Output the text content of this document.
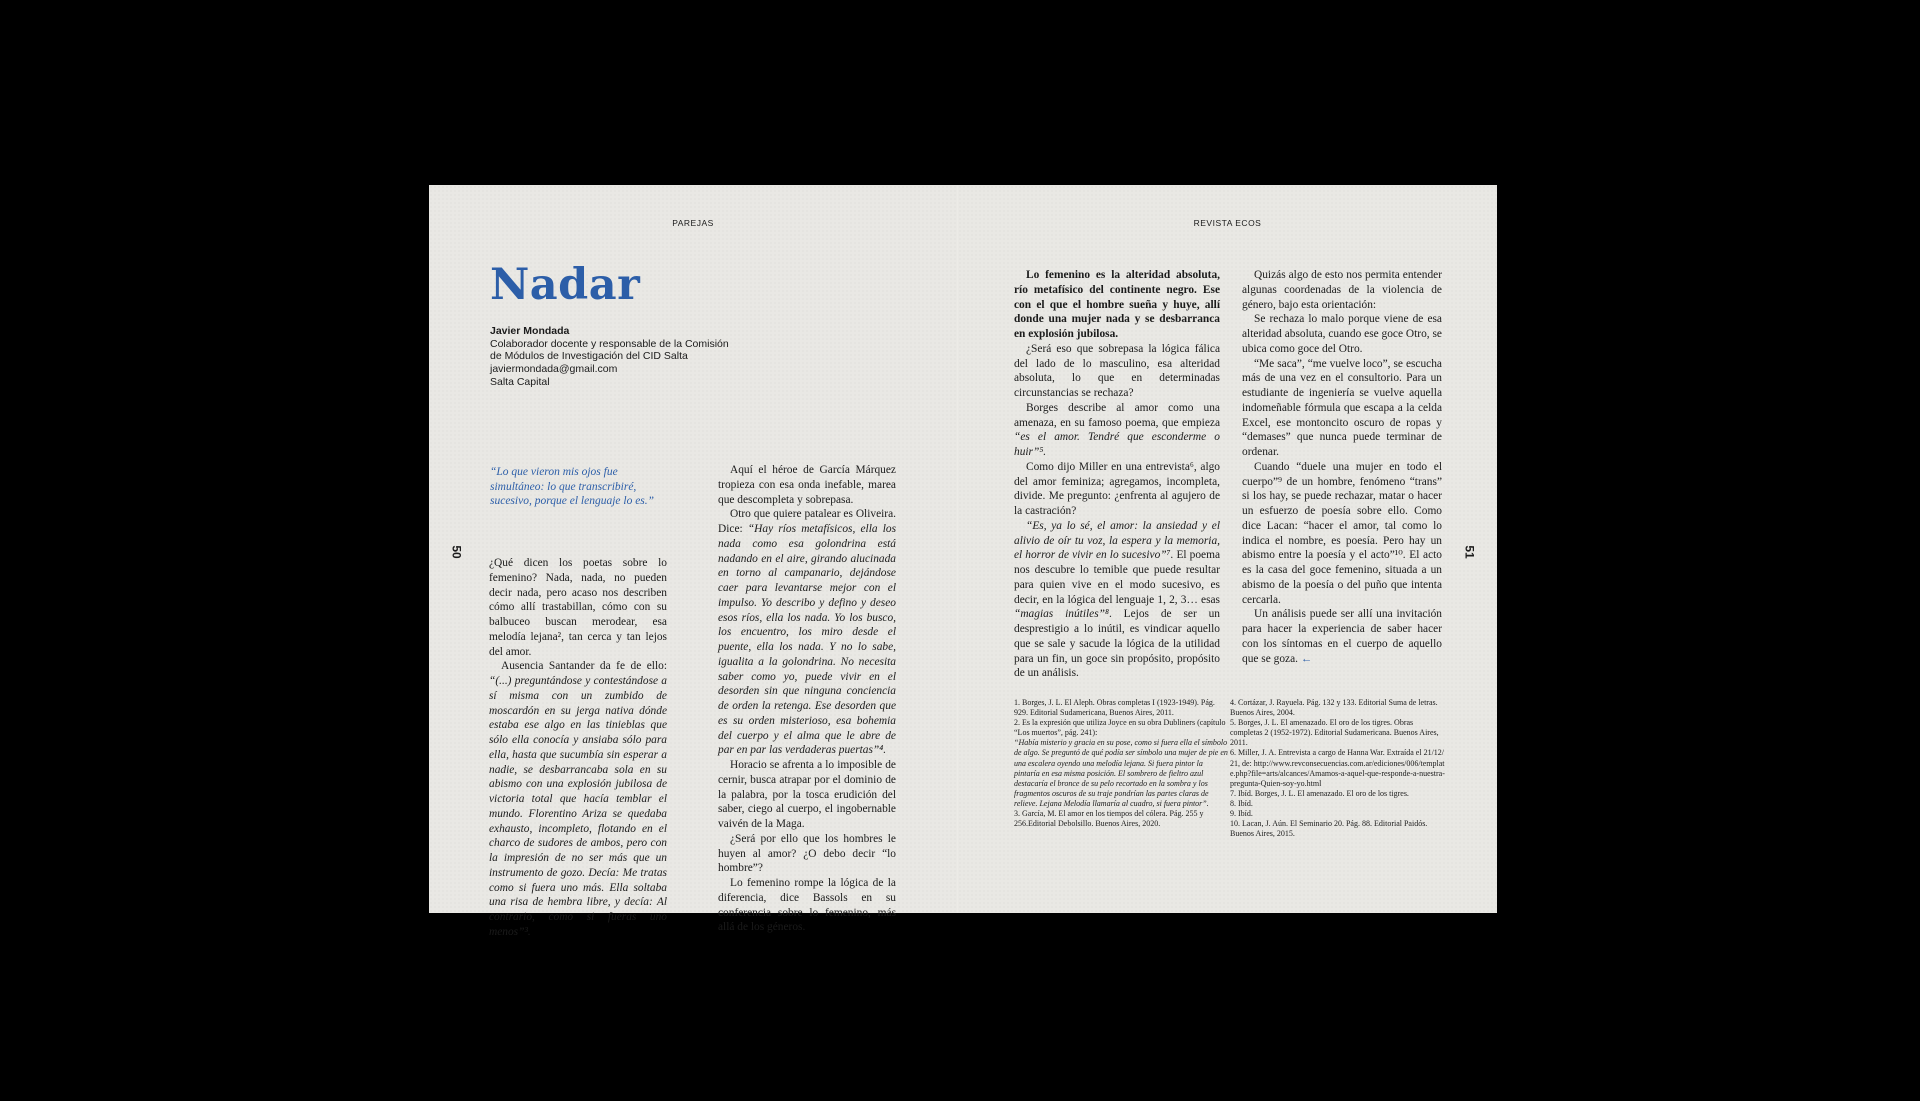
PAREJAS
50
Nadar
Javier Mondada
Colaborador docente y responsable de la Comisión
de Módulos de Investigación del CID Salta
javiermondada@gmail.com
Salta Capital
“Lo que vieron mis ojos fue simultáneo: lo que transcribiré, sucesivo, porque el lenguaje lo es.”

¿Qué dicen los poetas sobre lo femenino? Nada, nada, no pueden decir nada, pero acaso nos describen cómo allí trastabillan, cómo con su balbuceo buscan merodear, esa melodía lejana², tan cerca y tan lejos del amor.

Ausencia Santander da fe de ello: “(...) preguntándose y contestándose a sí misma con un zumbido de moscardón en su jerga nativa dónde estaba ese algo en las tinieblas que sólo ella conocía y ansiaba sólo para ella, hasta que sucumbía sin esperar a nadie, se desbarrancaba sola en su abismo con una explosión jubilosa de victoria total que hacía temblar el mundo. Florentino Ariza se quedaba exhausto, incompleto, flotando en el charco de sudores de ambos, pero con la impresión de no ser más que un instrumento de gozo. Decía: Me tratas como si fuera uno más. Ella soltaba una risa de hembra libre, y decía: Al contrario, como si fueras uno menos”³.

Aquí el héroe de García Márquez tropieza con esa onda inefable, marea que descompleta y sobrepasa.

Otro que quiere patalear es Oliveira. Dice: “Hay ríos metafísicos, ella los nada como esa golondrina está nadando en el aire, girando alucinada en torno al campanario, dejándose caer para levantarse mejor con el impulso. Yo describo y defino y deseo esos ríos, ella los nada. Yo los busco, los encuentro, los miro desde el puente, ella los nada. Y no lo sabe, igualita a la golondrina. No necesita saber como yo, puede vivir en el desorden sin que ninguna conciencia de orden la retenga. Ese desorden que es su orden misterioso, esa bohemia del cuerpo y el alma que le abre de par en par las verdaderas puertas”⁴.

Horacio se afrenta a lo imposible de cernir, busca atrapar por el dominio de la palabra, por la tosca erudición del saber, ciego al cuerpo, el ingobernable vaivén de la Maga.

¿Será por ello que los hombres le huyen al amor? ¿O debo decir “lo hombre”?

Lo femenino rompe la lógica de la diferencia, dice Bassols en su conferencia sobre lo femenino, más allá de los géneros.

REVISTA ECOS
51

Lo femenino es la alteridad absoluta, río metafísico del continente negro. Ese con el que el hombre sueña y huye, allí donde una mujer nada y se desbarranca en explosión jubilosa.

¿Será eso que sobrepasa la lógica fálica del lado de lo masculino, esa alteridad absoluta, lo que en determinadas circunstancias se rechaza?

Borges describe al amor como una amenaza, en su famoso poema, que empieza “es el amor. Tendré que esconderme o huir”⁵.

Como dijo Miller en una entrevista⁶, algo del amor feminiza; agregamos, incompleta, divide. Me pregunto: ¿enfrenta al agujero de la castración?

“Es, ya lo sé, el amor: la ansiedad y el alivio de oír tu voz, la espera y la memoria, el horror de vivir en lo sucesivo”⁷. El poema nos descubre lo temible que puede resultar para quien vive en el modo sucesivo, es decir, en la lógica del lenguaje 1, 2, 3… esas “magias inútiles”⁸. Lejos de ser un desprestigio a lo inútil, es vindicar aquello que se sale y sacude la lógica de la utilidad para un fin, un goce sin propósito, propósito de un análisis.

Quizás algo de esto nos permita entender algunas coordenadas de la violencia de género, bajo esta orientación:

Se rechaza lo malo porque viene de esa alteridad absoluta, cuando ese goce Otro, se ubica como goce del Otro.

“Me saca”, “me vuelve loco”, se escucha más de una vez en el consultorio. Para un estudiante de ingeniería se vuelve aquella indomeñable fórmula que escapa a la celda Excel, ese montoncito oscuro de ropas y “demases” que nunca puede terminar de ordenar.

Cuando “duele una mujer en todo el cuerpo”⁹ de un hombre, fenómeno “trans” si los hay, se puede rechazar, matar o hacer un esfuerzo de poesía sobre ello. Como dice Lacan: “hacer el amor, tal como lo indica el nombre, es poesía. Pero hay un abismo entre la poesía y el acto”¹⁰. El acto es la casa del goce femenino, situada a un abismo de la poesía o del puño que intenta cercarla.

Un análisis puede ser allí una invitación para hacer la experiencia de saber hacer con los síntomas en el cuerpo de aquello que se goza. ←

1. Borges, J. L. El Aleph. Obras completas I (1923-1949). Pág. 929. Editorial Sudamericana, Buenos Aires, 2011.
2. Es la expresión que utiliza Joyce en su obra Dubliners (capítulo “Los muertos”, pág. 241):
“Había misterio y gracia en su pose, como si fuera ella el símbolo de algo. Se preguntó de qué podía ser símbolo una mujer de pie en una escalera oyendo una melodía lejana. Si fuera pintor la pintaría en esa misma posición. El sombrero de fieltro azul destacaría el bronce de su pelo recortado en la sombra y los fragmentos oscuros de su traje pondrían las partes claras de relieve. Lejana Melodía llamaría al cuadro, si fuera pintor”.
3. García, M. El amor en los tiempos del cólera. Pág. 255 y 256.Editorial Debolsillo. Buenos Aires, 2020.
4. Cortázar, J. Rayuela. Pág. 132 y 133. Editorial Suma de letras. Buenos Aires, 2004.
5. Borges, J. L. El amenazado. El oro de los tigres. Obras completas 2 (1952-1972). Editorial Sudamericana. Buenos Aires, 2011.
6. Miller, J. A. Entrevista a cargo de Hanna War. Extraída el 21/12/21, de: http://www.revconsecuencias.com.ar/ediciones/006/template.php?file=arts/alcances/Amamos-a-aquel-que-responde-a-nuestra-pregunta-Quien-soy-yo.html
7. Ibíd. Borges, J. L. El amenazado. El oro de los tigres.
8. Ibíd.
9. Ibíd.
10. Lacan, J. Aún. El Seminario 20. Pág. 88. Editorial Paidós. Buenos Aires, 2015.
